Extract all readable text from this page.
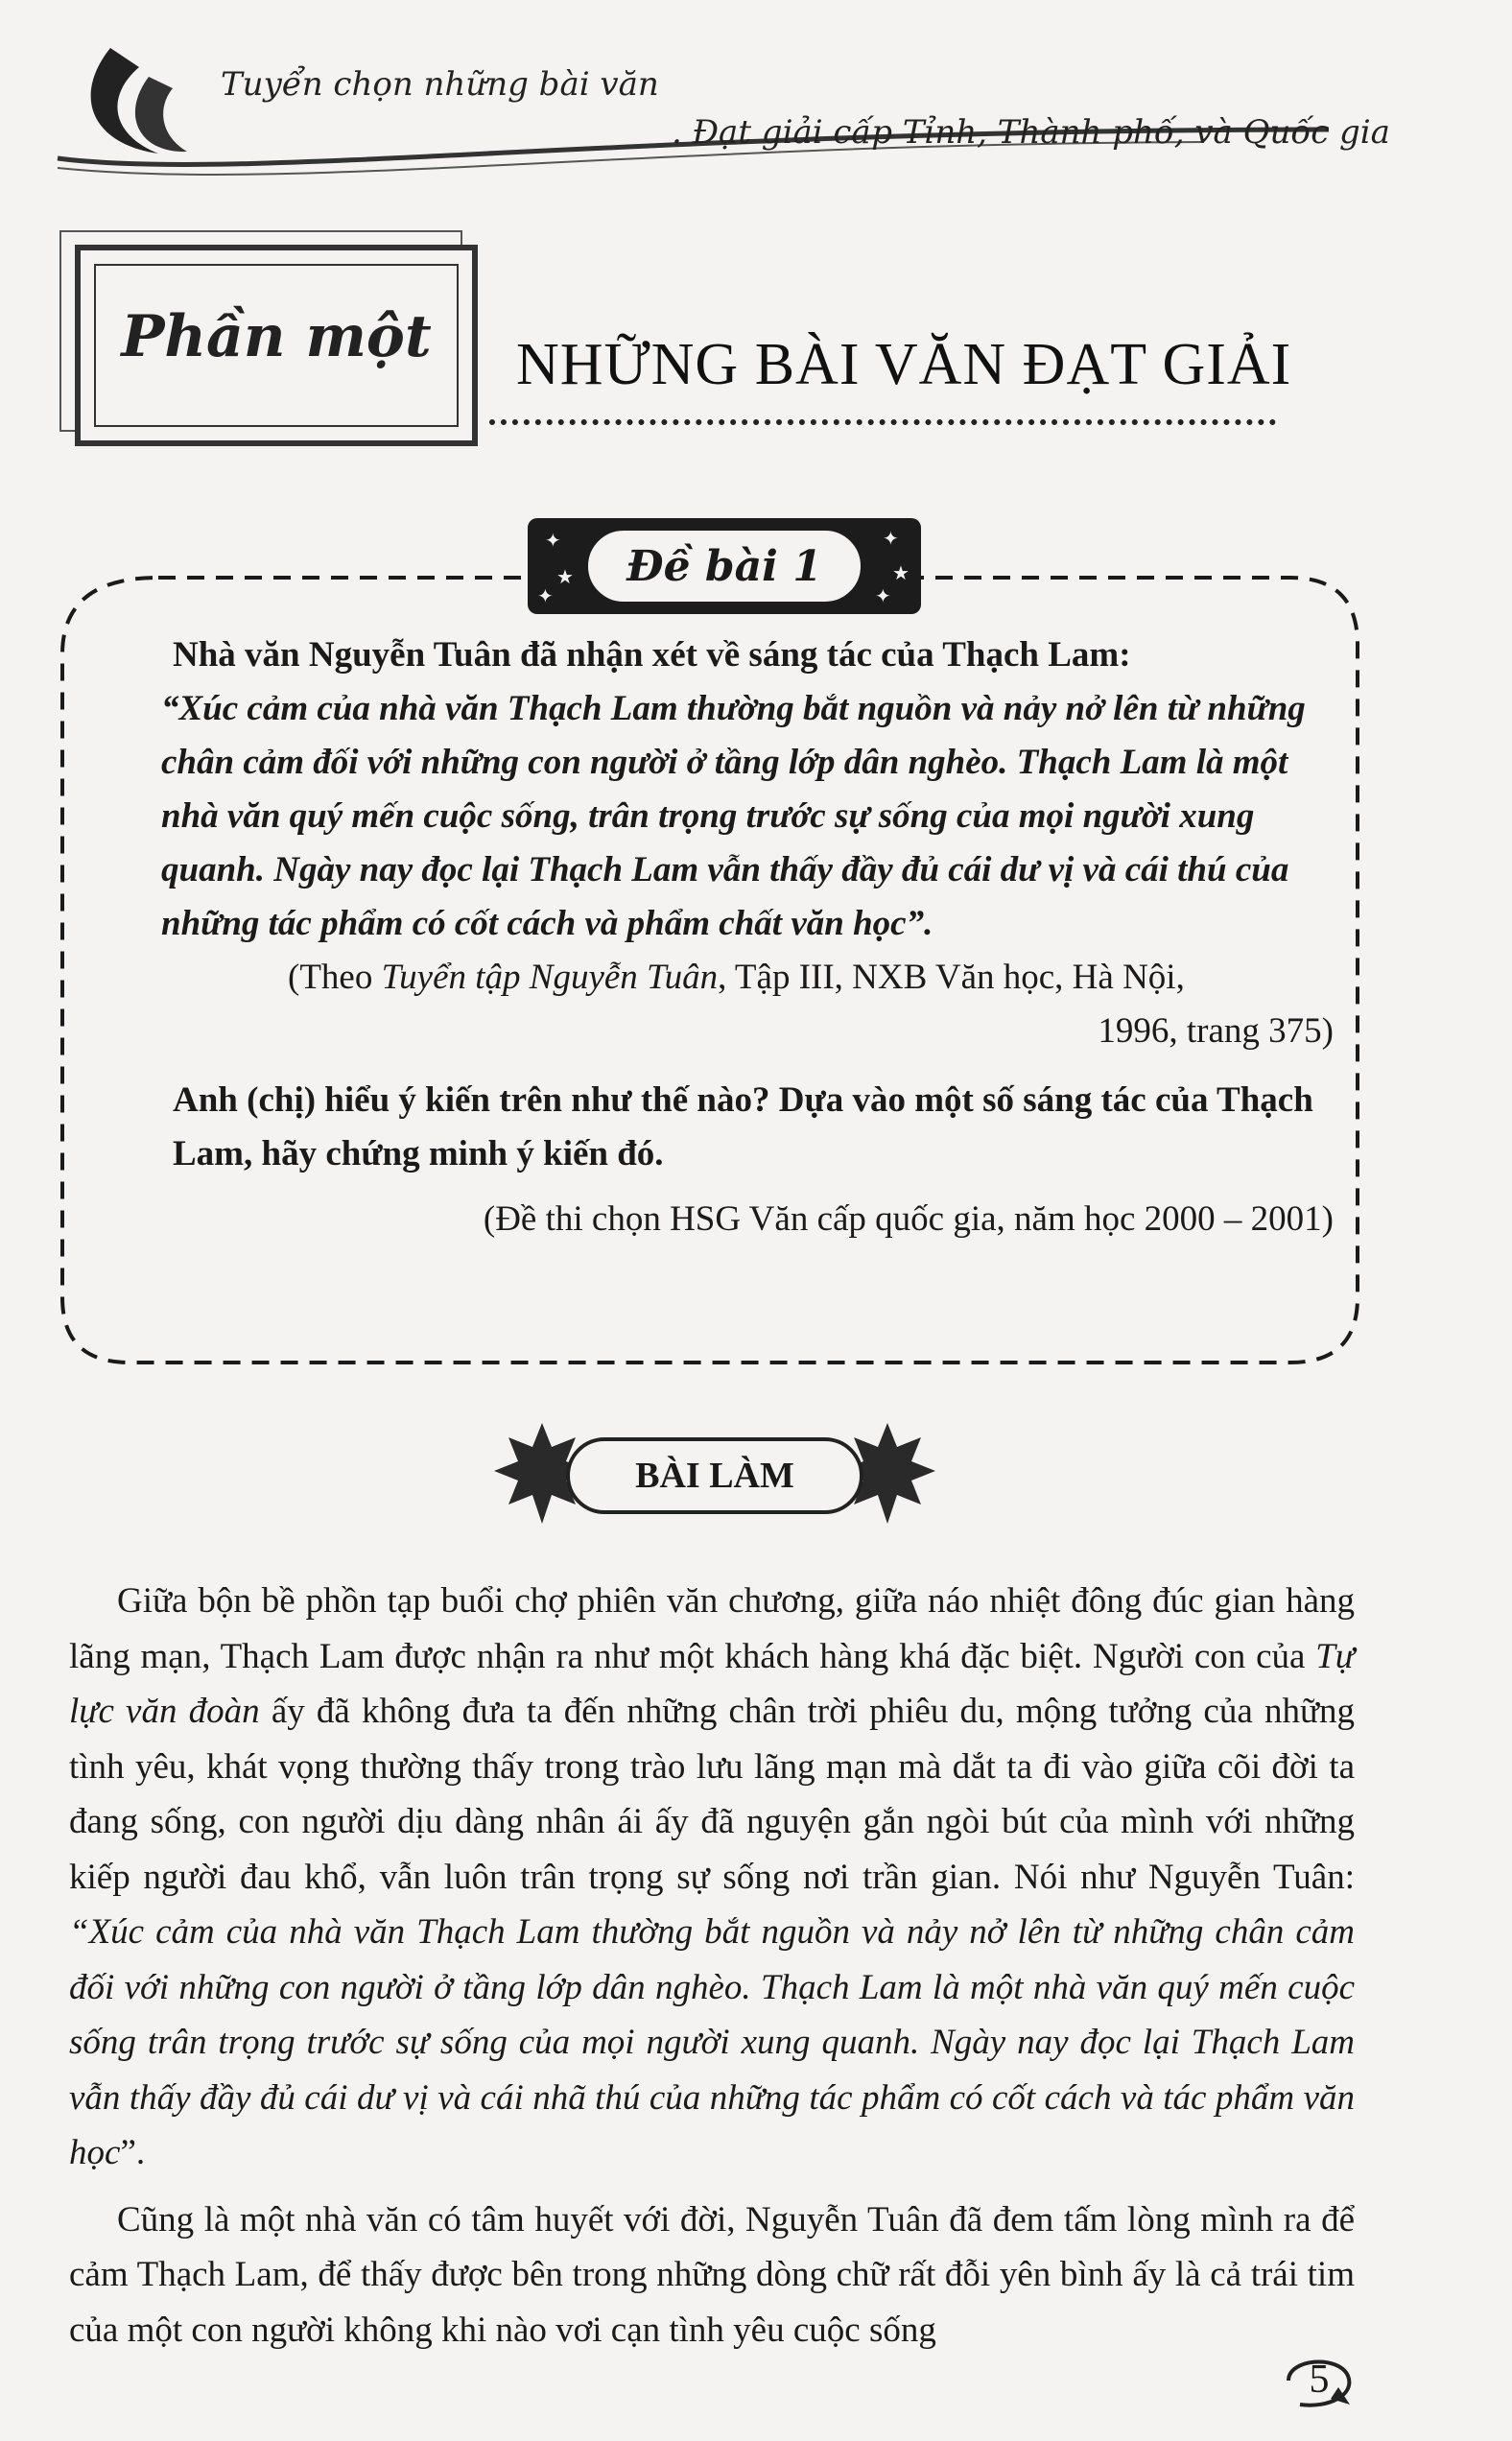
Tuyển chọn những bài văn
. Đạt giải cấp Tỉnh, Thành phố, và Quốc gia
Phần một	NHỮNG BÀI VĂN ĐẠT GIẢI
✦
★
✦
✦
★
✦
Đề bài 1

Nhà văn Nguyễn Tuân đã nhận xét về sáng tác của Thạch Lam:

“Xúc cảm của nhà văn Thạch Lam thường bắt nguồn và nảy nở lên từ những chân cảm đối với những con người ở tầng lớp dân nghèo. Thạch Lam là một nhà văn quý mến cuộc sống, trân trọng trước sự sống của mọi người xung quanh. Ngày nay đọc lại Thạch Lam vẫn thấy đầy đủ cái dư vị và cái thú của những tác phẩm có cốt cách và phẩm chất văn học”.

(Theo Tuyển tập Nguyễn Tuân, Tập III, NXB Văn học, Hà Nội,

1996, trang 375)

Anh (chị) hiểu ý kiến trên như thế nào? Dựa vào một số sáng tác của Thạch Lam, hãy chứng minh ý kiến đó.

(Đề thi chọn HSG Văn cấp quốc gia, năm học 2000 – 2001)

BÀI LÀM

Giữa bộn bề phồn tạp buổi chợ phiên văn chương, giữa náo nhiệt đông đúc gian hàng lãng mạn, Thạch Lam được nhận ra như một khách hàng khá đặc biệt. Người con của Tự lực văn đoàn ấy đã không đưa ta đến những chân trời phiêu du, mộng tưởng của những tình yêu, khát vọng thường thấy trong trào lưu lãng mạn mà dắt ta đi vào giữa cõi đời ta đang sống, con người dịu dàng nhân ái ấy đã nguyện gắn ngòi bút của mình với những kiếp người đau khổ, vẫn luôn trân trọng sự sống nơi trần gian. Nói như Nguyễn Tuân: “Xúc cảm của nhà văn Thạch Lam thường bắt nguồn và nảy nở lên từ những chân cảm đối với những con người ở tầng lớp dân nghèo. Thạch Lam là một nhà văn quý mến cuộc sống trân trọng trước sự sống của mọi người xung quanh. Ngày nay đọc lại Thạch Lam vẫn thấy đầy đủ cái dư vị và cái nhã thú của những tác phẩm có cốt cách và tác phẩm văn học”.

Cũng là một nhà văn có tâm huyết với đời, Nguyễn Tuân đã đem tấm lòng mình ra để cảm Thạch Lam, để thấy được bên trong những dòng chữ rất đỗi yên bình ấy là cả trái tim của một con người không khi nào vơi cạn tình yêu cuộc sống

5
